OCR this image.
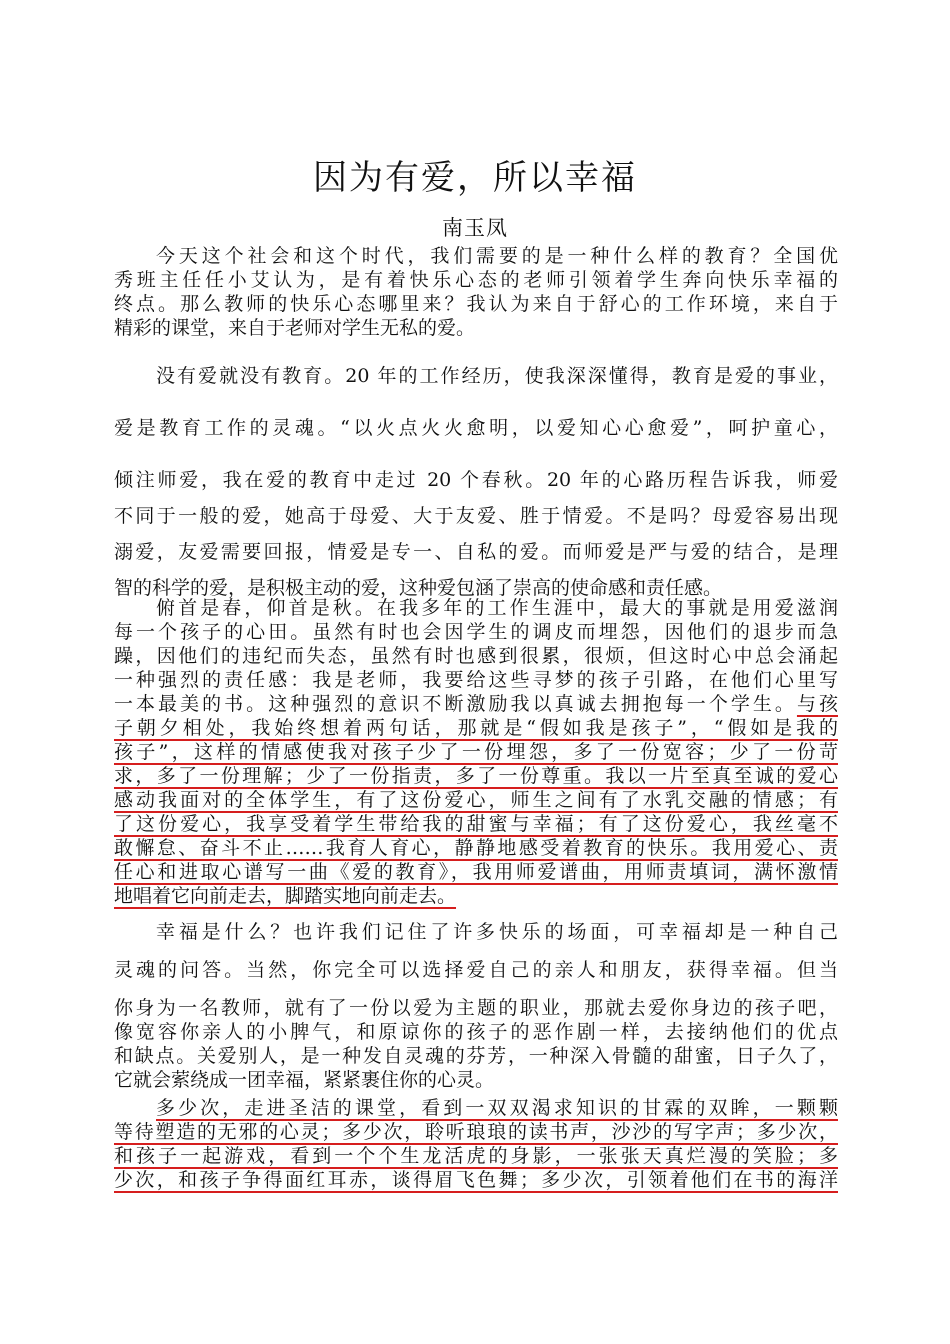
因为有爱，所以幸福
南玉凤
今天这个社会和这个时代，我们需要的是一种什么样的教育？全国优
秀班主任任小艾认为，是有着快乐心态的老师引领着学生奔向快乐幸福的
终点。那么教师的快乐心态哪里来？我认为来自于舒心的工作环境，来自于
精彩的课堂，来自于老师对学生无私的爱。
没有爱就没有教育。20 年的工作经历，使我深深懂得，教育是爱的事业，
爱是教育工作的灵魂。“以火点火火愈明，以爱知心心愈爱”，呵护童心，
倾注师爱，我在爱的教育中走过 20 个春秋。20 年的心路历程告诉我，师爱
不同于一般的爱，她高于母爱、大于友爱、胜于情爱。不是吗？母爱容易出现
溺爱，友爱需要回报，情爱是专一、自私的爱。而师爱是严与爱的结合，是理
智的科学的爱，是积极主动的爱，这种爱包涵了崇高的使命感和责任感。
俯首是春，仰首是秋。在我多年的工作生涯中，最大的事就是用爱滋润
每一个孩子的心田。虽然有时也会因学生的调皮而埋怨，因他们的退步而急
躁，因他们的违纪而失态，虽然有时也感到很累，很烦，但这时心中总会涌起
一种强烈的责任感：我是老师，我要给这些寻梦的孩子引路，在他们心里写
一本最美的书。这种强烈的意识不断激励我以真诚去拥抱每一个学生。与孩
子朝夕相处，我始终想着两句话，那就是“假如我是孩子”，“假如是我的
孩子”，这样的情感使我对孩子少了一份埋怨，多了一份宽容；少了一份苛
求，多了一份理解；少了一份指责，多了一份尊重。我以一片至真至诚的爱心
感动我面对的全体学生，有了这份爱心，师生之间有了水乳交融的情感；有
了这份爱心，我享受着学生带给我的甜蜜与幸福；有了这份爱心，我丝毫不
敢懈怠、奋斗不止……我育人育心，静静地感受着教育的快乐。我用爱心、责
任心和进取心谱写一曲《爱的教育》，我用师爱谱曲，用师责填词，满怀激情
地唱着它向前走去，脚踏实地向前走去。
幸福是什么？也许我们记住了许多快乐的场面，可幸福却是一种自己
灵魂的问答。当然，你完全可以选择爱自己的亲人和朋友，获得幸福。但当
你身为一名教师，就有了一份以爱为主题的职业，那就去爱你身边的孩子吧，
像宽容你亲人的小脾气，和原谅你的孩子的恶作剧一样，去接纳他们的优点
和缺点。关爱别人，是一种发自灵魂的芬芳，一种深入骨髓的甜蜜，日子久了，
它就会萦绕成一团幸福，紧紧裹住你的心灵。
多少次，走进圣洁的课堂，看到一双双渴求知识的甘霖的双眸，一颗颗
等待塑造的无邪的心灵；多少次，聆听琅琅的读书声，沙沙的写字声；多少次，
和孩子一起游戏，看到一个个生龙活虎的身影，一张张天真烂漫的笑脸；多
少次，和孩子争得面红耳赤，谈得眉飞色舞；多少次，引领着他们在书的海洋
